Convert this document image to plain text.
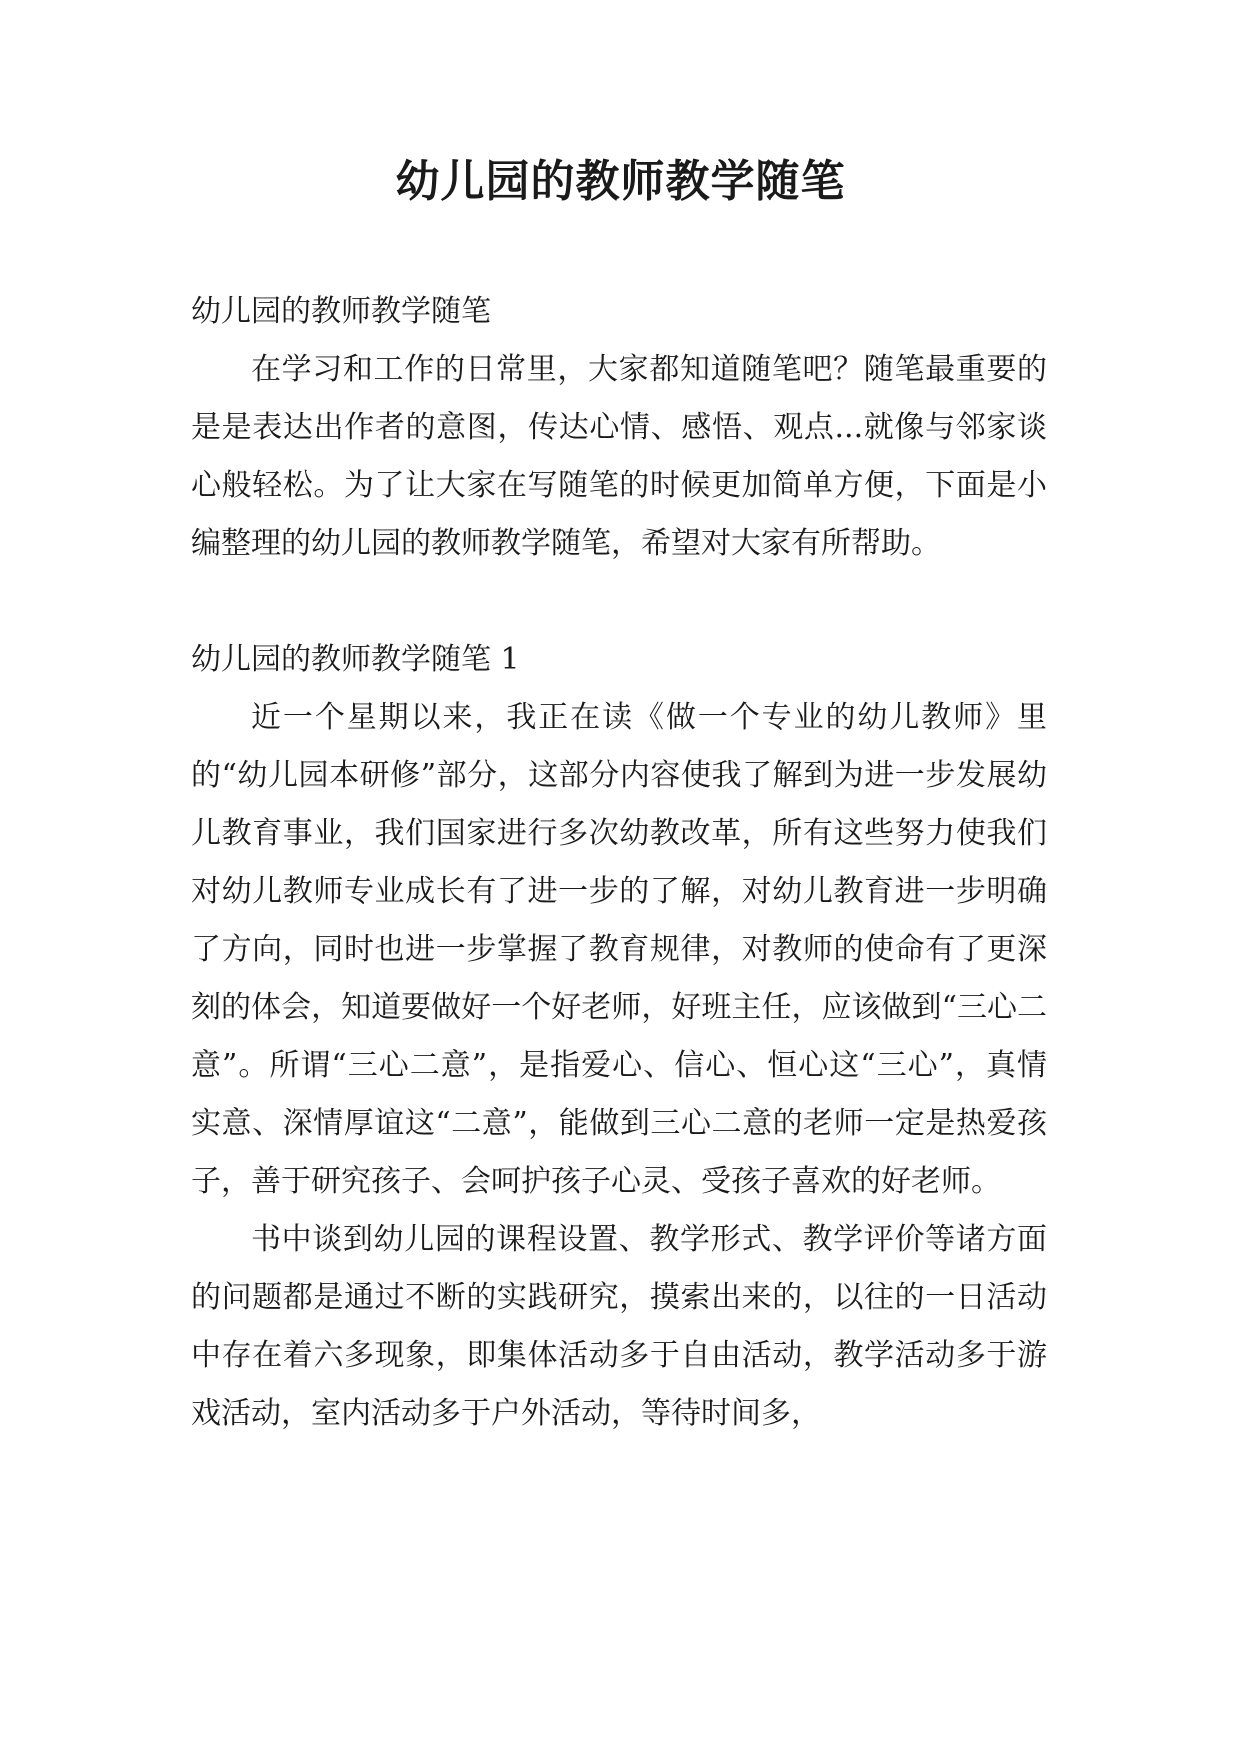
幼儿园的教师教学随笔

幼儿园的教师教学随笔

在学习和工作的日常里，大家都知道随笔吧？随笔最重要的是是表达出作者的意图，传达心情、感悟、观点...就像与邻家谈心般轻松。为了让大家在写随笔的时候更加简单方便，下面是小编整理的幼儿园的教师教学随笔，希望对大家有所帮助。

幼儿园的教师教学随笔 1

近一个星期以来，我正在读《做一个专业的幼儿教师》里的“幼儿园本研修”部分，这部分内容使我了解到为进一步发展幼儿教育事业，我们国家进行多次幼教改革，所有这些努力使我们对幼儿教师专业成长有了进一步的了解，对幼儿教育进一步明确了方向，同时也进一步掌握了教育规律，对教师的使命有了更深刻的体会，知道要做好一个好老师，好班主任，应该做到“三心二意”。所谓“三心二意”，是指爱心、信心、恒心这“三心”，真情实意、深情厚谊这“二意”，能做到三心二意的老师一定是热爱孩子，善于研究孩子、会呵护孩子心灵、受孩子喜欢的好老师。

书中谈到幼儿园的课程设置、教学形式、教学评价等诸方面的问题都是通过不断的实践研究，摸索出来的，以往的一日活动中存在着六多现象，即集体活动多于自由活动，教学活动多于游戏活动，室内活动多于户外活动，等待时间多，
